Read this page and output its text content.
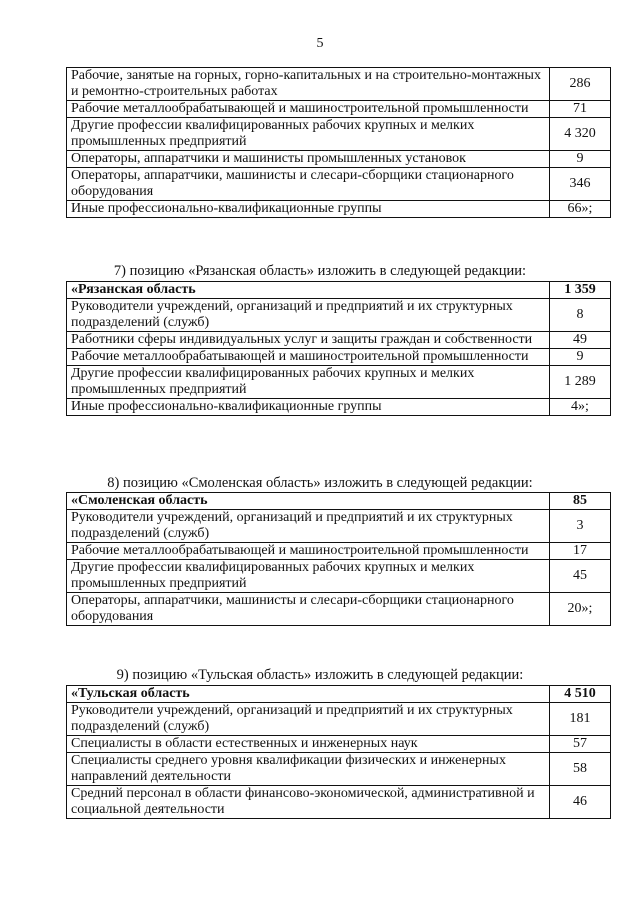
5
Рабочие, занятые на горных, горно-капитальных и на строительно-монтажных и ремонтно-строительных работах	286
Рабочие металлообрабатывающей и машиностроительной промышленности	71
Другие профессии квалифицированных рабочих крупных и мелких промышленных предприятий	4 320
Операторы, аппаратчики и машинисты промышленных установок	9
Операторы, аппаратчики, машинисты и слесари-сборщики стационарного оборудования	346
Иные профессионально-квалификационные группы	66»;
7) позицию «Рязанская область» изложить в следующей редакции:
«Рязанская область	1 359
Руководители учреждений, организаций и предприятий и их структурных подразделений (служб)	8
Работники сферы индивидуальных услуг и защиты граждан и собственности	49
Рабочие металлообрабатывающей и машиностроительной промышленности	9
Другие профессии квалифицированных рабочих крупных и мелких промышленных предприятий	1 289
Иные профессионально-квалификационные группы	4»;
8) позицию «Смоленская область» изложить в следующей редакции:
«Смоленская область	85
Руководители учреждений, организаций и предприятий и их структурных подразделений (служб)	3
Рабочие металлообрабатывающей и машиностроительной промышленности	17
Другие профессии квалифицированных рабочих крупных и мелких промышленных предприятий	45
Операторы, аппаратчики, машинисты и слесари-сборщики стационарного оборудования	20»;
9) позицию «Тульская область» изложить в следующей редакции:
«Тульская область	4 510
Руководители учреждений, организаций и предприятий и их структурных подразделений (служб)	181
Специалисты в области естественных и инженерных наук	57
Специалисты среднего уровня квалификации физических и инженерных направлений деятельности	58
Средний персонал в области финансово-экономической, административной и социальной деятельности	46
